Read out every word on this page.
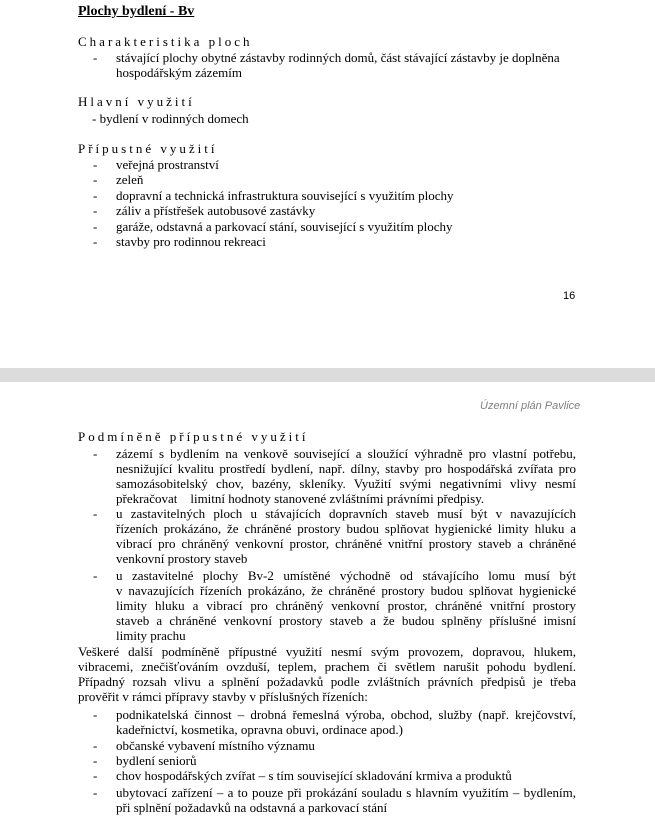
Plochy bydlení - Bv
Charakteristika ploch
- stávající plochy obytné zástavby rodinných domů, část stávající zástavby je doplněna
hospodářským zázemím
Hlavní využití
- bydlení v rodinných domech
Přípustné využití
- veřejná prostranství
- zeleň
- dopravní a technická infrastruktura související s využitím plochy
- záliv a přístřešek autobusové zastávky
- garáže, odstavná a parkovací stání, související s využitím plochy
- stavby pro rodinnou rekreaci
16
Územní plán Pavlice
Podmíněně přípustné využití
- zázemí s bydlením na venkově související a sloužící výhradně pro vlastní potřebu,
nesnižující kvalitu prostředí bydlení, např. dílny, stavby pro hospodářská zvířata pro
samozásobitelský chov, bazény, skleníky. Využití svými negativními vlivy nesmí
překračovat    limitní hodnoty stanovené zvláštními právními předpisy.
- u zastavitelných ploch u stávajících dopravních staveb musí být v navazujících
řízeních prokázáno, že chráněné prostory budou splňovat hygienické limity hluku a
vibrací pro chráněný venkovní prostor, chráněné vnitřní prostory staveb a chráněné
venkovní prostory staveb
- u zastavitelné plochy Bv-2 umístěné východně od stávajícího lomu musí být
v navazujících řízeních prokázáno, že chráněné prostory budou splňovat hygienické
limity hluku a vibrací pro chráněný venkovní prostor, chráněné vnitřní prostory
staveb a chráněné venkovní prostory staveb a že budou splněny příslušné imisní
limity prachu
Veškeré další podmíněně přípustné využití nesmí svým provozem, dopravou, hlukem,
vibracemi, znečišťováním ovzduší, teplem, prachem či světlem narušit pohodu bydlení.
Případný rozsah vlivu a splnění požadavků podle zvláštních právních předpisů je třeba
prověřit v rámci přípravy stavby v příslušných řízeních:
- podnikatelská činnost – drobná řemeslná výroba, obchod, služby (např. krejčovství,
kadeřnictví, kosmetika, opravna obuvi, ordinace apod.)
- občanské vybavení místního významu
- bydlení seniorů
- chov hospodářských zvířat – s tím související skladování krmiva a produktů
- ubytovací zařízení – a to pouze při prokázání souladu s hlavním využitím – bydlením,
při splnění požadavků na odstavná a parkovací stání
